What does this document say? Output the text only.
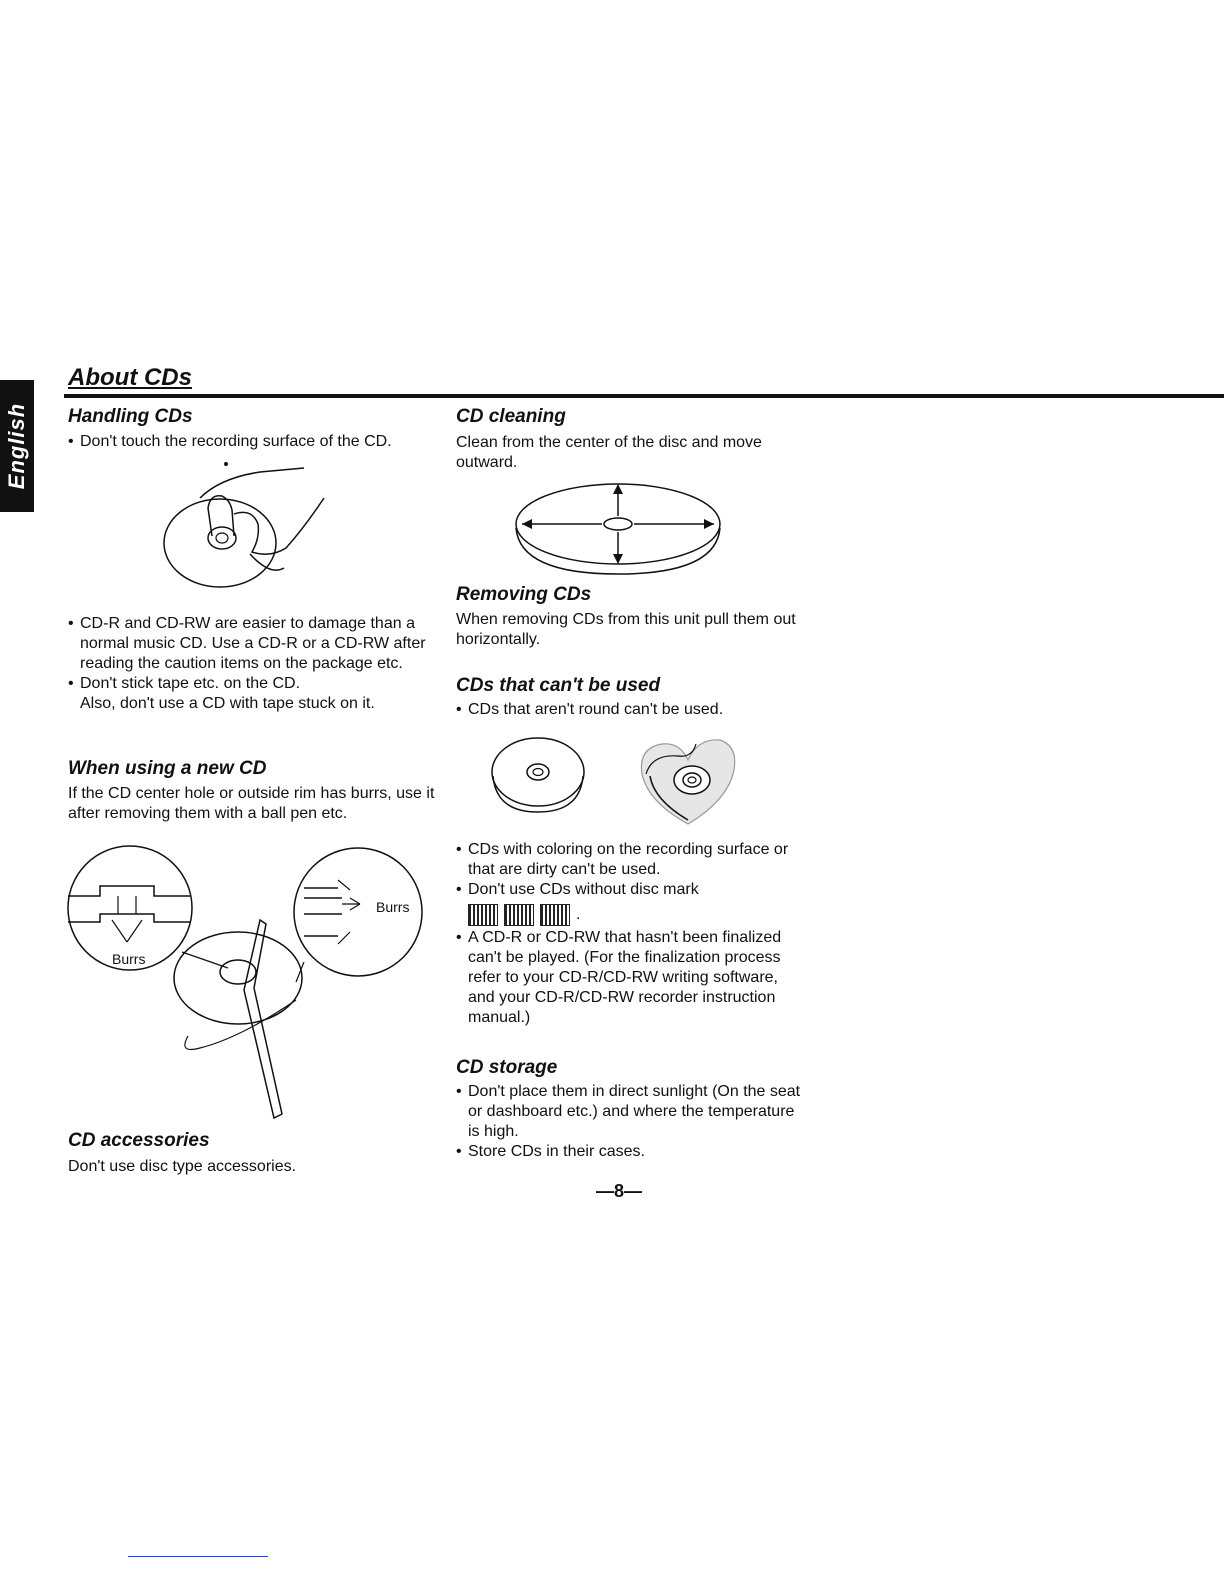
English
About CDs
Handling CDs
• Don't touch the recording surface of the CD.
• CD-R and CD-RW are easier to damage than a normal music CD. Use a CD-R or a CD-RW after reading the caution items on the package etc.
• Don't stick tape etc. on the CD.
Also, don't use a CD with tape stuck on it.
When using a new CD

If the CD center hole or outside rim has burrs, use it after removing them with a ball pen etc.

Burrs
Burrs
CD accessories

Don't use disc type accessories.

CD cleaning

Clean from the center of the disc and move outward.

Removing CDs

When removing CDs from this unit pull them out horizontally.

CDs that can't be used
• CDs that aren't round can't be used.
• CDs with coloring on the recording surface or that are dirty can't be used.
• Don't use CDs without disc mark
.
• A CD-R or CD-RW that hasn't been finalized can't be played. (For the finalization process refer to your CD-R/CD-RW writing software, and your CD-R/CD-RW recorder instruction manual.)
CD storage
• Don't place them in direct sunlight (On the seat or dashboard etc.) and where the temperature is high.
• Store CDs in their cases.
—8—
